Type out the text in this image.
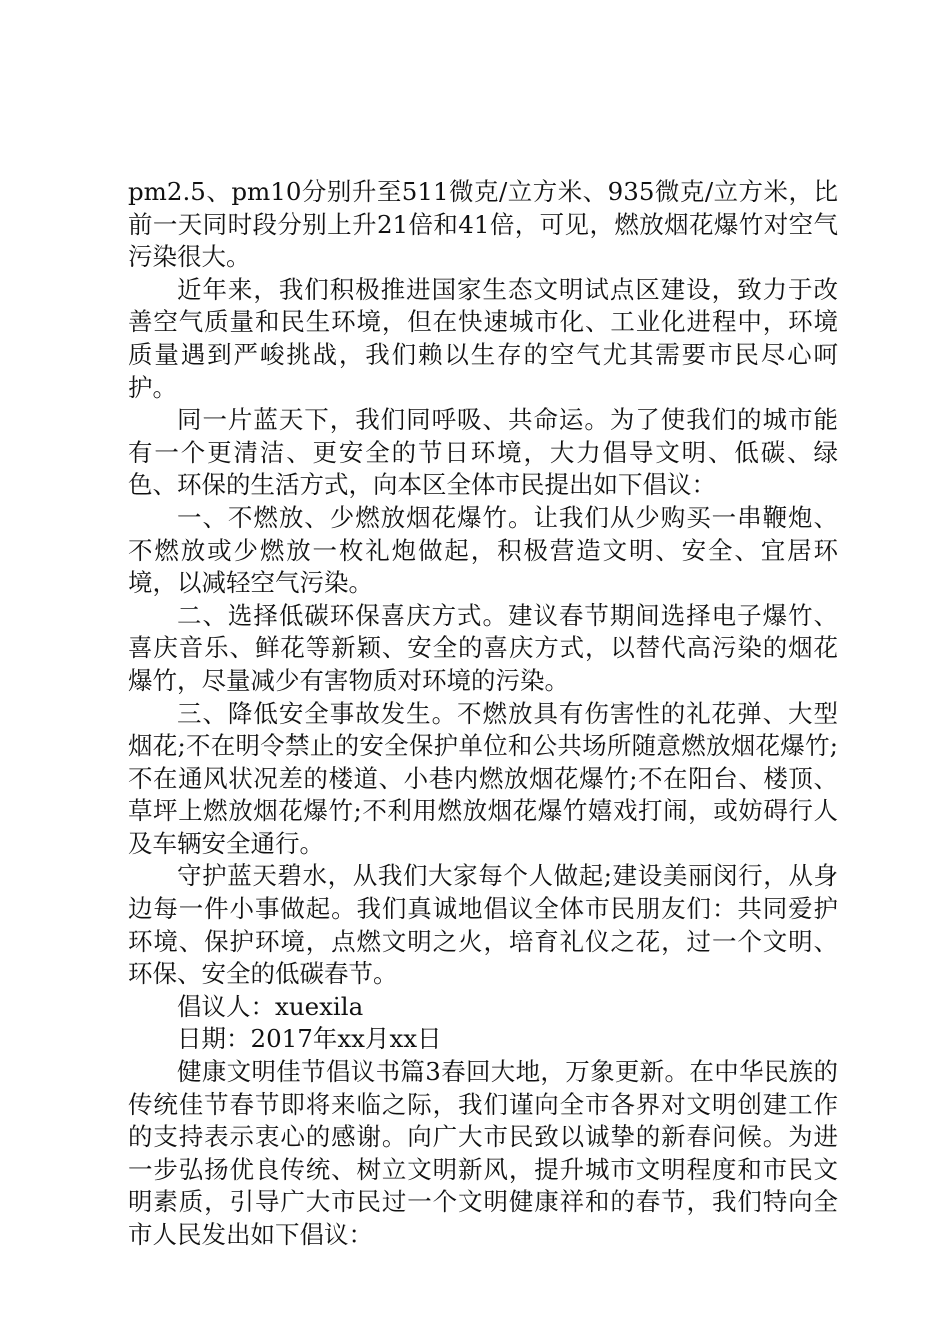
pm2.5、pm10分别升至511微克/立方米、935微克/立方米，比前一天同时段分别上升21倍和41倍，可见，燃放烟花爆竹对空气污染很大。

近年来，我们积极推进国家生态文明试点区建设，致力于改善空气质量和民生环境，但在快速城市化、工业化进程中，环境质量遇到严峻挑战，我们赖以生存的空气尤其需要市民尽心呵护。

同一片蓝天下，我们同呼吸、共命运。为了使我们的城市能有一个更清洁、更安全的节日环境，大力倡导文明、低碳、绿色、环保的生活方式，向本区全体市民提出如下倡议：

一、不燃放、少燃放烟花爆竹。让我们从少购买一串鞭炮、不燃放或少燃放一枚礼炮做起，积极营造文明、安全、宜居环境，以减轻空气污染。

二、选择低碳环保喜庆方式。建议春节期间选择电子爆竹、喜庆音乐、鲜花等新颖、安全的喜庆方式，以替代高污染的烟花爆竹，尽量减少有害物质对环境的污染。

三、降低安全事故发生。不燃放具有伤害性的礼花弹、大型烟花;不在明令禁止的安全保护单位和公共场所随意燃放烟花爆竹;不在通风状况差的楼道、小巷内燃放烟花爆竹;不在阳台、楼顶、草坪上燃放烟花爆竹;不利用燃放烟花爆竹嬉戏打闹，或妨碍行人及车辆安全通行。

守护蓝天碧水，从我们大家每个人做起;建设美丽闵行，从身边每一件小事做起。我们真诚地倡议全体市民朋友们：共同爱护环境、保护环境，点燃文明之火，培育礼仪之花，过一个文明、环保、安全的低碳春节。

倡议人：xuexila

日期：2017年xx月xx日

健康文明佳节倡议书篇3春回大地，万象更新。在中华民族的传统佳节春节即将来临之际，我们谨向全市各界对文明创建工作的支持表示衷心的感谢。向广大市民致以诚挚的新春问候。为进一步弘扬优良传统、树立文明新风，提升城市文明程度和市民文明素质，引导广大市民过一个文明健康祥和的春节，我们特向全市人民发出如下倡议：
